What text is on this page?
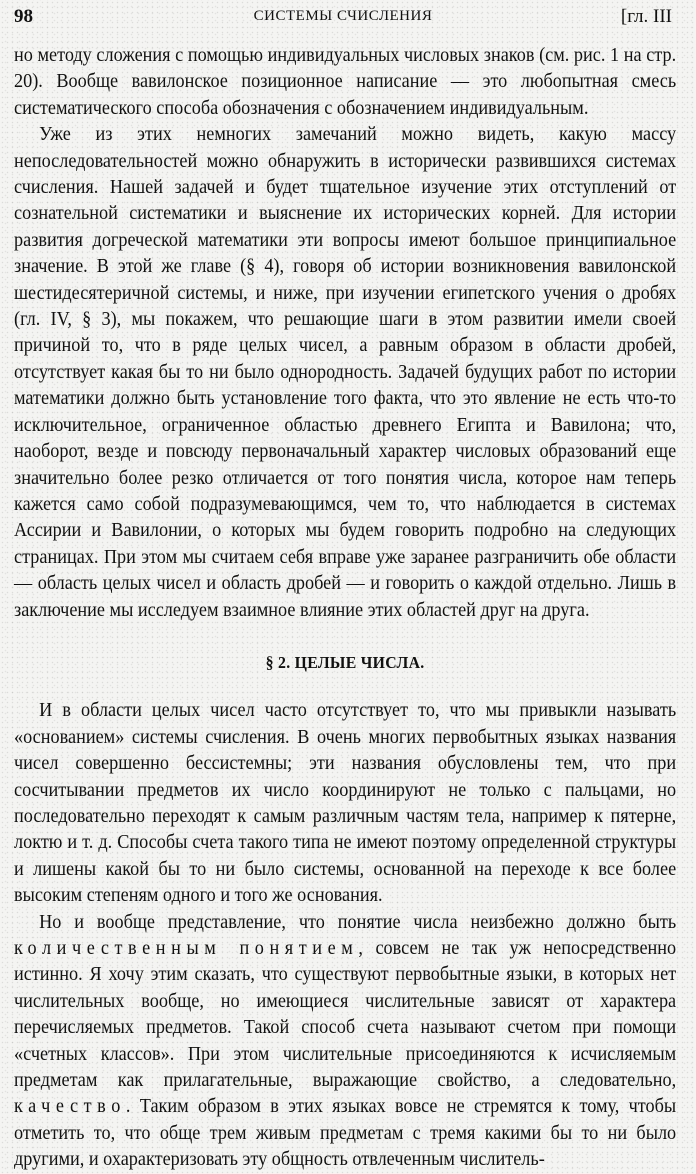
98	СИСТЕМЫ СЧИСЛЕНИЯ	[гл. III

но методу сложения с помощью индивидуальных числовых знаков (см. рис. 1 на стр. 20). Вообще вавилонское позиционное написание — это любопытная смесь систематического способа обозначения с обозначением индивидуальным.

Уже из этих немногих замечаний можно видеть, какую массу непоследовательностей можно обнаружить в исторически развившихся системах счисления. Нашей задачей и будет тщательное изучение этих отступлений от сознательной систематики и выяснение их исторических корней. Для истории развития догреческой математики эти вопросы имеют большое принципиальное значение. В этой же главе (§ 4), говоря об истории возникновения вавилонской шестидесятеричной системы, и ниже, при изучении египетского учения о дробях (гл. IV, § 3), мы покажем, что решающие шаги в этом развитии имели своей причиной то, что в ряде целых чисел, а равным образом в области дробей, отсутствует какая бы то ни было однородность. Задачей будущих работ по истории математики должно быть установление того факта, что это явление не есть что-то исключительное, ограниченное областью древнего Египта и Вавилона; что, наоборот, везде и повсюду первоначальный характер числовых образований еще значительно более резко отличается от того понятия числа, которое нам теперь кажется само собой подразумевающимся, чем то, что наблюдается в системах Ассирии и Вавилонии, о которых мы будем говорить подробно на следующих страницах. При этом мы считаем себя вправе уже заранее разграничить обе области — область целых чисел и область дробей — и говорить о каждой отдельно. Лишь в заключение мы исследуем взаимное влияние этих областей друг на друга.

§ 2. ЦЕЛЫЕ ЧИСЛА.

И в области целых чисел часто отсутствует то, что мы привыкли называть «основанием» системы счисления. В очень многих первобытных языках названия чисел совершенно бессистемны; эти названия обусловлены тем, что при сосчитывании предметов их число координируют не только с пальцами, но последовательно переходят к самым различным частям тела, например к пятерне, локтю и т. д. Способы счета такого типа не имеют поэтому определенной структуры и лишены какой бы то ни было системы, основанной на переходе к все более высоким степеням одного и того же основания.

Но и вообще представление, что понятие числа неизбежно должно быть количественным понятием, совсем не так уж непосредственно истинно. Я хочу этим сказать, что существуют первобытные языки, в которых нет числительных вообще, но имеющиеся числительные зависят от характера перечисляемых предметов. Такой способ счета называют счетом при помощи «счетных классов». При этом числительные присоединяются к исчисляемым предметам как прилагательные, выражающие свойство, а следовательно, качество. Таким образом в этих языках вовсе не стремятся к тому, чтобы отметить то, что обще трем живым предметам с тремя какими бы то ни было другими, и охарактеризовать эту общность отвлеченным числитель-
